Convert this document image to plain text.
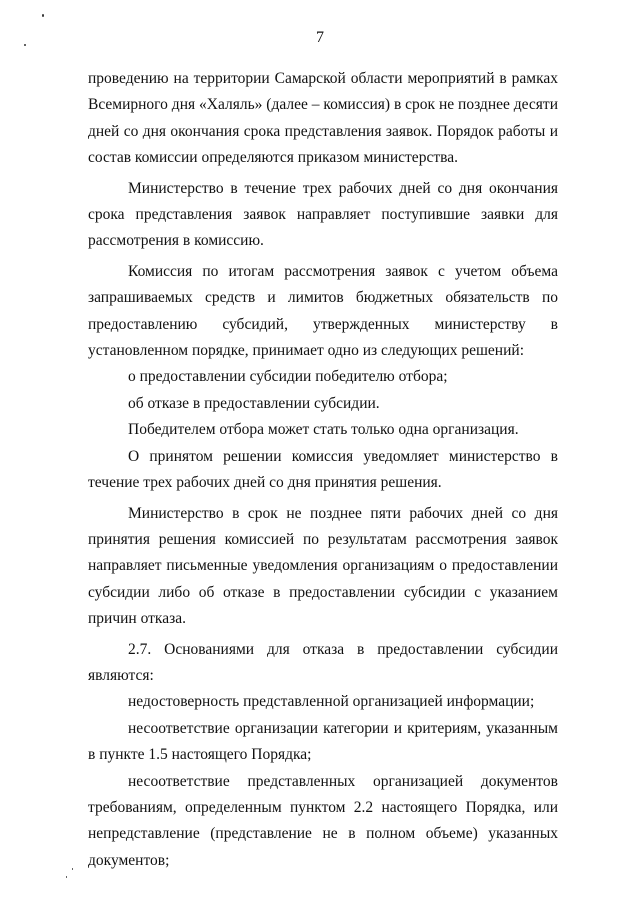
7

проведению на территории Самарской области мероприятий в рамках Всемирного дня «Халяль» (далее – комиссия) в срок не позднее десяти дней со дня окончания срока представления заявок. Порядок работы и состав комиссии определяются приказом министерства.

Министерство в течение трех рабочих дней со дня окончания срока представления заявок направляет поступившие заявки для рассмотрения в комиссию.

Комиссия по итогам рассмотрения заявок с учетом объема запрашиваемых средств и лимитов бюджетных обязательств по предоставлению субсидий, утвержденных министерству в установленном порядке, принимает одно из следующих решений:

о предоставлении субсидии победителю отбора;

об отказе в предоставлении субсидии.

Победителем отбора может стать только одна организация.

О принятом решении комиссия уведомляет министерство в течение трех рабочих дней со дня принятия решения.

Министерство в срок не позднее пяти рабочих дней со дня принятия решения комиссией по результатам рассмотрения заявок направляет письменные уведомления организациям о предоставлении субсидии либо об отказе в предоставлении субсидии с указанием причин отказа.

2.7. Основаниями для отказа в предоставлении субсидии являются:

недостоверность представленной организацией информации;

несоответствие организации категории и критериям, указанным в пункте 1.5 настоящего Порядка;

несоответствие представленных организацией документов требованиям, определенным пунктом 2.2 настоящего Порядка, или непредставление (представление не в полном объеме) указанных документов;
